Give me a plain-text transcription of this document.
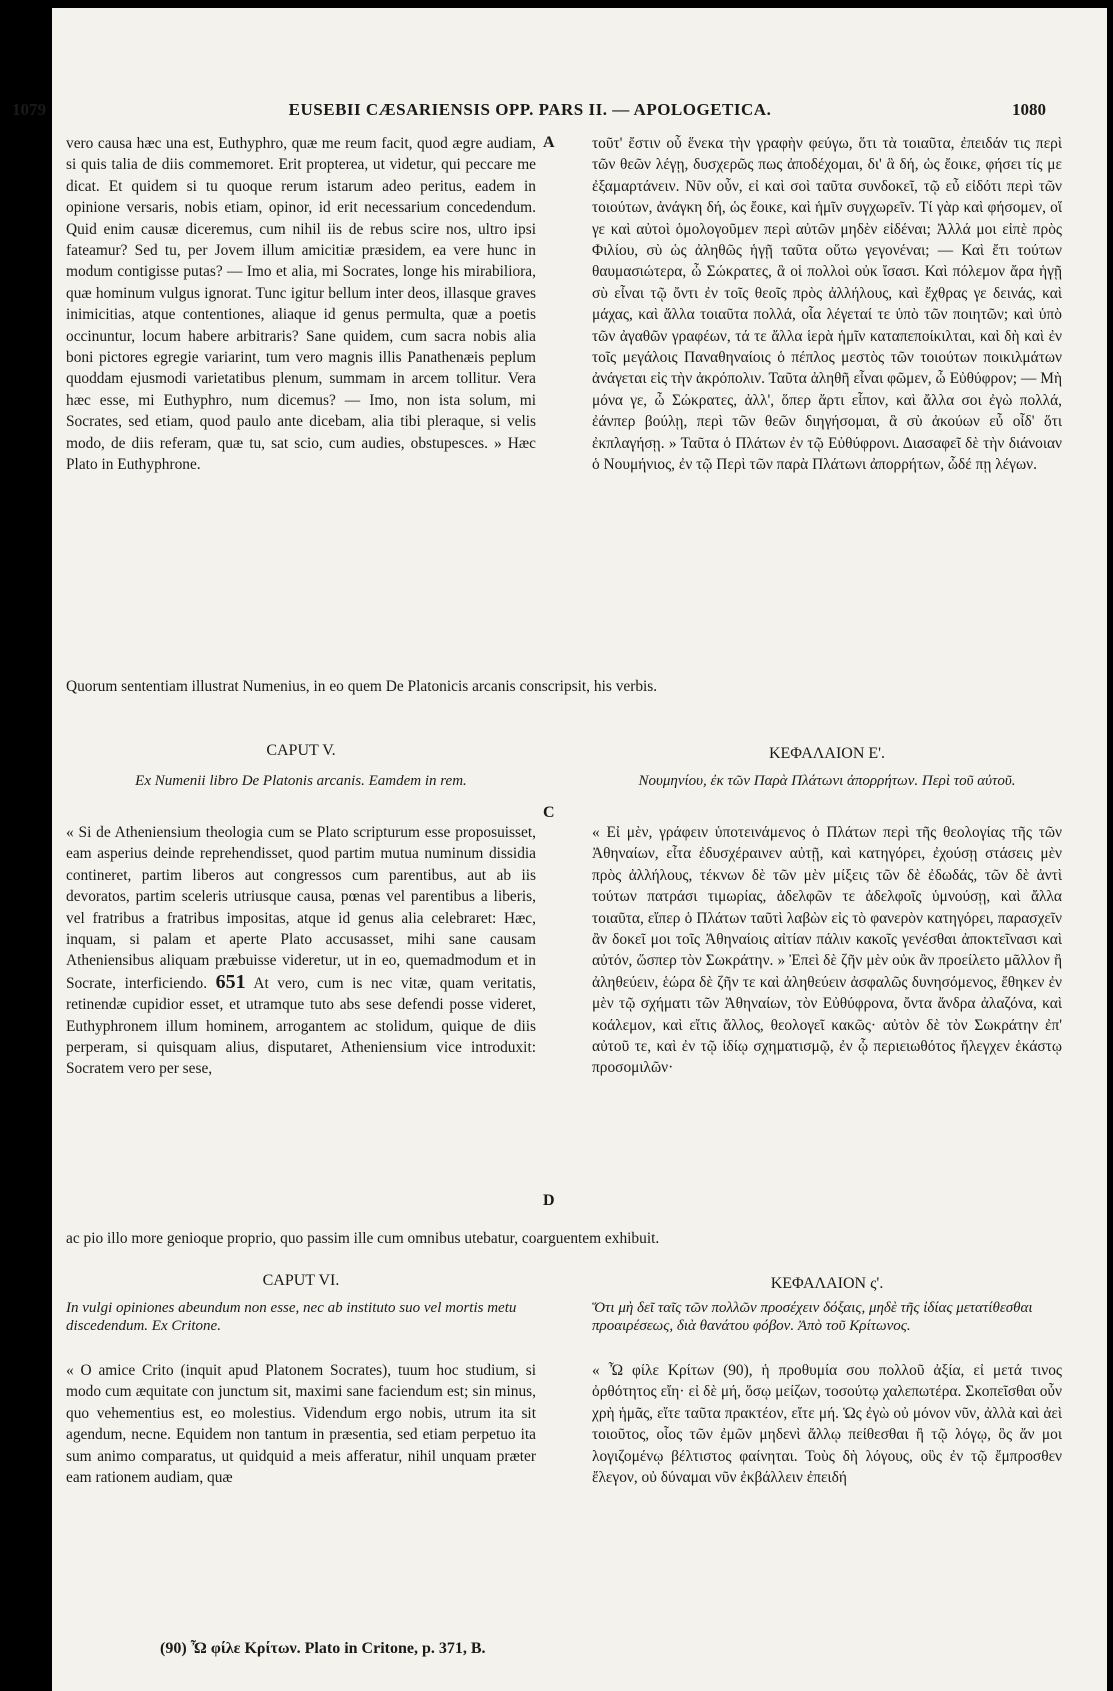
1079	EUSEBII CÆSARIENSIS OPP. PARS II. — APOLOGETICA.	1080

vero causa hæc una est, Euthyphro, quæ me reum facit, quod ægre audiam, si quis talia de diis commemoret. Erit propterea, ut videtur, qui peccare me dicat. Et quidem si tu quoque rerum istarum adeo peritus, eadem in opinione versaris, nobis etiam, opinor, id erit necessarium concedendum. Quid enim causæ diceremus, cum nihil iis de rebus scire nos, ultro ipsi fateamur? Sed tu, per Jovem illum amicitiæ præsidem, ea vere hunc in modum contigisse putas? — Imo et alia, mi Socrates, longe his mirabiliora, quæ hominum vulgus ignorat. Tunc igitur bellum inter deos, illasque graves inimicitias, atque contentiones, aliaque id genus permulta, quæ a poetis occinuntur, locum habere arbitraris? Sane quidem, cum sacra nobis alia boni pictores egregie variarint, tum vero magnis illis Panathenæis peplum quoddam ejusmodi varietatibus plenum, summam in arcem tollitur. Vera hæc esse, mi Euthyphro, num dicemus? — Imo, non ista solum, mi Socrates, sed etiam, quod paulo ante dicebam, alia tibi pleraque, si velis modo, de diis referam, quæ tu, sat scio, cum audies, obstupesces. » Hæc Plato in Euthyphrone.

A τοῦτ' ἔστιν οὗ ἕνεκα τὴν γραφὴν φεύγω, ὅτι τὰ τοιαῦτα, ἐπειδάν τις περὶ τῶν θεῶν λέγῃ, δυσχερῶς πως ἀποδέχομαι, δι' ἃ δή, ὡς ἔοικε, φήσει τίς με ἐξαμαρτάνειν. Νῦν οὖν, εἰ καὶ σοὶ ταῦτα συνδοκεῖ, τῷ εὖ εἰδότι περὶ τῶν τοιούτων, ἀνάγκη δή, ὡς ἔοικε, καὶ ἡμῖν συγχωρεῖν. Τί γὰρ καὶ φήσομεν, οἵ γε καὶ αὐτοὶ ὁμολογοῦμεν περὶ αὐτῶν μηδὲν εἰδέναι; Ἀλλά μοι εἰπὲ πρὸς Φιλίου, σὺ ὡς ἀληθῶς ἡγῇ ταῦτα οὕτω γεγονέναι; — Καὶ ἔτι τούτων θαυμασιώτερα, ὦ Σώκρατες, ἃ οἱ πολλοὶ οὐκ ἴσασι. Καὶ πόλεμον ἄρα ἡγῇ σὺ εἶναι τῷ ὄντι ἐν τοῖς θεοῖς πρὸς ἀλλήλους, καὶ ἔχθρας γε δεινάς, καὶ μάχας, καὶ ἄλλα τοιαῦτα πολλά, οἷα λέγεταί τε ὑπὸ τῶν ποιητῶν; καὶ ὑπὸ τῶν ἀγαθῶν γραφέων, τά τε ἄλλα ἱερὰ ἡμῖν καταπεποίκιλται, καὶ δὴ καὶ ἐν τοῖς μεγάλοις Παναθηναίοις ὁ πέπλος μεστὸς τῶν τοιούτων ποικιλμάτων ἀνάγεται εἰς τὴν ἀκρόπολιν. Ταῦτα ἀληθῆ εἶναι φῶμεν, ὦ Εὐθύφρον; — Μὴ μόνα γε, ὦ Σώκρατες, ἀλλ', ὅπερ ἄρτι εἶπον, καὶ ἄλλα σοι ἐγὼ πολλά, ἐάνπερ βούλῃ, περὶ τῶν θεῶν διηγήσομαι, ἃ σὺ ἀκούων εὖ οἶδ' ὅτι ἐκπλαγήσῃ. » Ταῦτα ὁ Πλάτων ἐν τῷ Εὐθύφρονι. Διασαφεῖ δὲ τὴν διάνοιαν ὁ Νουμήνιος, ἐν τῷ Περὶ τῶν παρὰ Πλάτωνι ἀπορρήτων, ὧδέ πῃ λέγων.

Quorum sententiam illustrat Numenius, in eo quem De Platonicis arcanis conscripsit, his verbis.
CAPUT V.	ΚΕΦΑΛΑΙΟΝ Ε'.
Ex Numenii libro De Platonis arcanis. Eamdem in rem.	Νουμηνίου, ἐκ τῶν Παρὰ Πλάτωνι ἀπορρήτων. Περὶ τοῦ αὐτοῦ.
C

« Si de Atheniensium theologia cum se Plato scripturum esse proposuisset, eam asperius deinde reprehendisset, quod partim mutua numinum dissidia contineret, partim liberos aut congressos cum parentibus, aut ab iis devoratos, partim sceleris utriusque causa, pœnas vel parentibus a liberis, vel fratribus a fratribus impositas, atque id genus alia celebraret: Hæc, inquam, si palam et aperte Plato accusasset, mihi sane causam Atheniensibus aliquam præbuisse videretur, ut in eo, quemadmodum et in Socrate, interficiendo. 651 At vero, cum is nec vitæ, quam veritatis, retinendæ cupidior esset, et utramque tuto abs sese defendi posse videret, Euthyphronem illum hominem, arrogantem ac stolidum, quique de diis perperam, si quisquam alius, disputaret, Atheniensium vice introduxit: Socratem vero per sese,

D

« Εἰ μὲν, γράφειν ὑποτεινάμενος ὁ Πλάτων περὶ τῆς θεολογίας τῆς τῶν Ἀθηναίων, εἶτα ἐδυσχέραινεν αὐτῇ, καὶ κατηγόρει, ἐχούσῃ στάσεις μὲν πρὸς ἀλλήλους, τέκνων δὲ τῶν μὲν μίξεις τῶν δὲ ἐδωδάς, τῶν δὲ ἀντὶ τούτων πατράσι τιμωρίας, ἀδελφῶν τε ἀδελφοῖς ὑμνούσῃ, καὶ ἄλλα τοιαῦτα, εἴπερ ὁ Πλάτων ταῦτὶ λαβὼν εἰς τὸ φανερὸν κατηγόρει, παρασχεῖν ἂν δοκεῖ μοι τοῖς Ἀθηναίοις αἰτίαν πάλιν κακοῖς γενέσθαι ἀποκτεῖνασι καὶ αὐτόν, ὥσπερ τὸν Σωκράτην. » Ἐπεὶ δὲ ζῆν μὲν οὐκ ἂν προείλετο μᾶλλον ἢ ἀληθεύειν, ἑώρα δὲ ζῆν τε καὶ ἀληθεύειν ἀσφαλῶς δυνησόμενος, ἔθηκεν ἐν μὲν τῷ σχήματι τῶν Ἀθηναίων, τὸν Εὐθύφρονα, ὄντα ἄνδρα ἀλαζόνα, καὶ κοάλεμον, καὶ εἴτις ἄλλος, θεολογεῖ κακῶς· αὐτὸν δὲ τὸν Σωκράτην ἐπ' αὐτοῦ τε, καὶ ἐν τῷ ἰδίῳ σχηματισμῷ, ἐν ᾧ περιειωθότος ἤλεγχεν ἑκάστῳ προσομιλῶν·

ac pio illo more genioque proprio, quo passim ille cum omnibus utebatur, coarguentem exhibuit.
CAPUT VI.	ΚΕΦΑΛΑΙΟΝ ς'.
In vulgi opiniones abeundum non esse, nec ab instituto suo vel mortis metu discedendum. Ex Critone.
Ὅτι μὴ δεῖ ταῖς τῶν πολλῶν προσέχειν δόξαις, μηδὲ τῆς ἰδίας μετατίθεσθαι προαιρέσεως, διὰ θανάτου φόβον. Ἀπὸ τοῦ Κρίτωνος.

« O amice Crito (inquit apud Platonem Socrates), tuum hoc studium, si modo cum æquitate con junctum sit, maximi sane faciendum est; sin minus, quo vehementius est, eo molestius. Videndum ergo nobis, utrum ita sit agendum, necne. Equidem non tantum in præsentia, sed etiam perpetuo ita sum animo comparatus, ut quidquid a meis afferatur, nihil unquam præter eam rationem audiam, quæ

« Ὦ φίλε Κρίτων (90), ἡ προθυμία σου πολλοῦ ἀξία, εἰ μετά τινος ὀρθότητος εἴη· εἰ δὲ μή, ὅσῳ μείζων, τοσούτῳ χαλεπωτέρα. Σκοπεῖσθαι οὖν χρὴ ἡμᾶς, εἴτε ταῦτα πρακτέον, εἴτε μή. Ὡς ἐγὼ οὐ μόνον νῦν, ἀλλὰ καὶ ἀεὶ τοιοῦτος, οἷος τῶν ἐμῶν μηδενὶ ἄλλῳ πείθεσθαι ἢ τῷ λόγῳ, ὃς ἄν μοι λογιζομένῳ βέλτιστος φαίνηται. Τοὺς δὴ λόγους, οὓς ἐν τῷ ἔμπροσθεν ἔλεγον, οὐ δύναμαι νῦν ἐκβάλλειν ἐπειδή

(90) Ὦ φίλε Κρίτων. Plato in Critone, p. 371, B.
